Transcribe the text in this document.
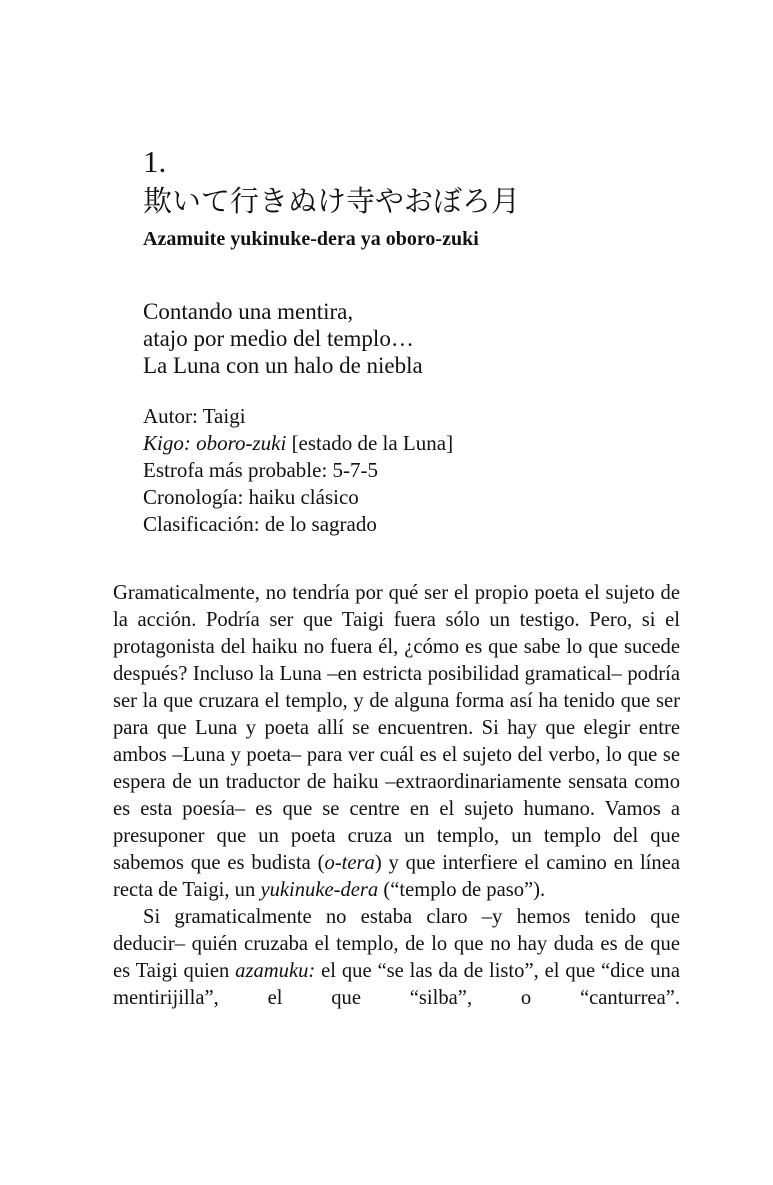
1.
欺いて行きぬけ寺やおぼろ月
Azamuite yukinuke-dera ya oboro-zuki
Contando una mentira,
atajo por medio del templo…
La Luna con un halo de niebla
Autor: Taigi
Kigo: oboro-zuki [estado de la Luna]
Estrofa más probable: 5-7-5
Cronología: haiku clásico
Clasificación: de lo sagrado

Gramaticalmente, no tendría por qué ser el propio poeta el sujeto de la acción. Podría ser que Taigi fuera sólo un testigo. Pero, si el protagonista del haiku no fuera él, ¿cómo es que sabe lo que sucede después? Incluso la Luna –en estricta posibilidad gramatical– podría ser la que cruzara el templo, y de alguna forma así ha tenido que ser para que Luna y poeta allí se encuentren. Si hay que elegir entre ambos –Luna y poeta– para ver cuál es el sujeto del verbo, lo que se espera de un traductor de haiku –extraordinariamente sensata como es esta poesía– es que se centre en el sujeto humano. Vamos a presuponer que un poeta cruza un templo, un templo del que sabemos que es budista (o-tera) y que interfiere el camino en línea recta de Taigi, un yukinuke-dera (“templo de paso”).

Si gramaticalmente no estaba claro –y hemos tenido que deducir– quién cruzaba el templo, de lo que no hay duda es de que es Taigi quien azamuku: el que “se las da de listo”, el que “dice una mentirijilla”, el que “silba”, o “canturrea”.
